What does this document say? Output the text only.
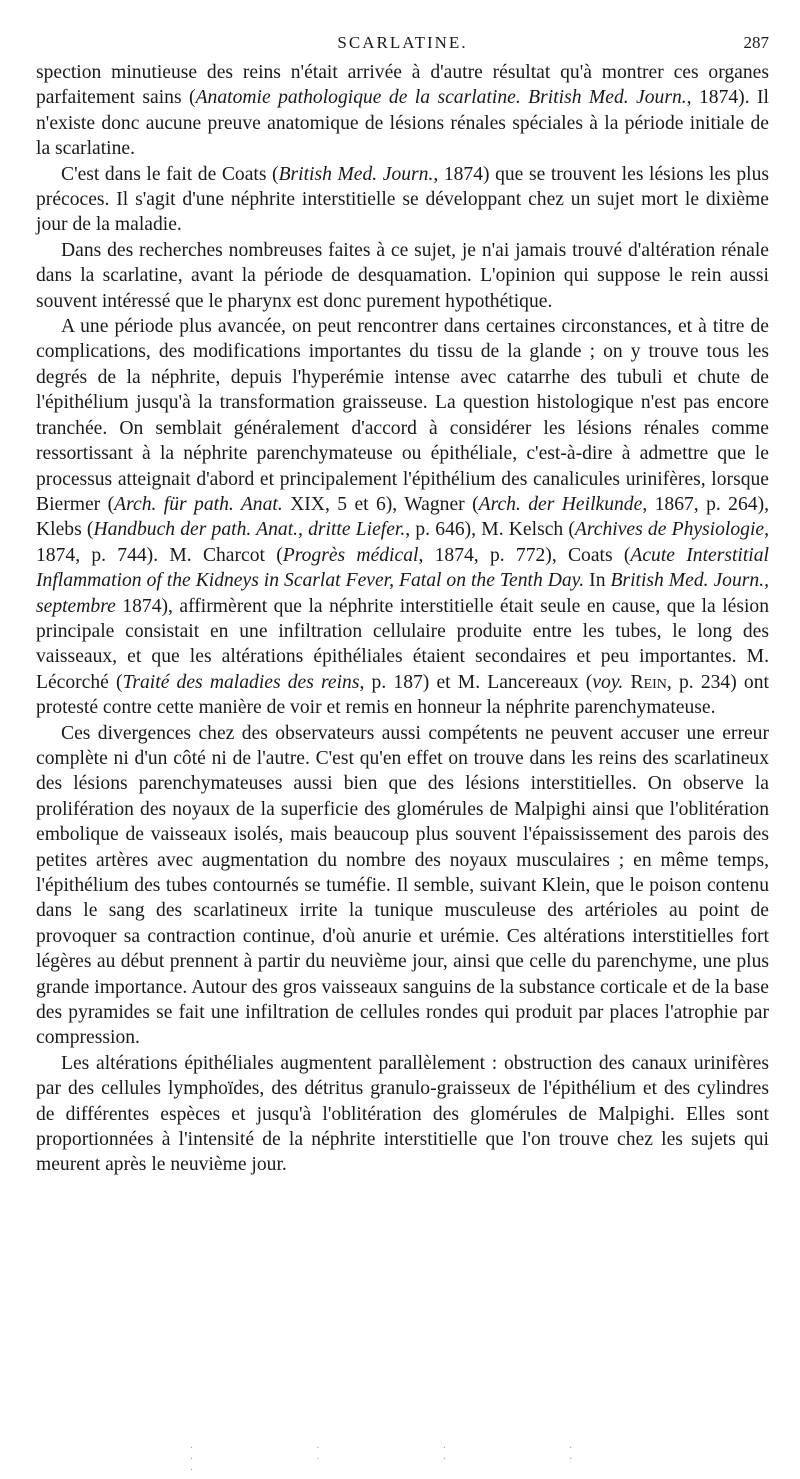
SCARLATINE.	287

spection minutieuse des reins n'était arrivée à d'autre résultat qu'à montrer ces organes parfaitement sains (Anatomie pathologique de la scarlatine. British Med. Journ., 1874). Il n'existe donc aucune preuve anatomique de lésions rénales spéciales à la période initiale de la scarlatine.

C'est dans le fait de Coats (British Med. Journ., 1874) que se trouvent les lésions les plus précoces. Il s'agit d'une néphrite interstitielle se développant chez un sujet mort le dixième jour de la maladie.

Dans des recherches nombreuses faites à ce sujet, je n'ai jamais trouvé d'altération rénale dans la scarlatine, avant la période de desquamation. L'opinion qui suppose le rein aussi souvent intéressé que le pharynx est donc purement hypothétique.

A une période plus avancée, on peut rencontrer dans certaines circonstances, et à titre de complications, des modifications importantes du tissu de la glande ; on y trouve tous les degrés de la néphrite, depuis l'hyperémie intense avec catarrhe des tubuli et chute de l'épithélium jusqu'à la transformation graisseuse. La question histologique n'est pas encore tranchée. On semblait généralement d'accord à considérer les lésions rénales comme ressortissant à la néphrite parenchymateuse ou épithéliale, c'est-à-dire à admettre que le processus atteignait d'abord et principalement l'épithélium des canalicules urinifères, lorsque Biermer (Arch. für path. Anat. XIX, 5 et 6), Wagner (Arch. der Heilkunde, 1867, p. 264), Klebs (Handbuch der path. Anat., dritte Liefer., p. 646), M. Kelsch (Archives de Physiologie, 1874, p. 744). M. Charcot (Progrès médical, 1874, p. 772), Coats (Acute Interstitial Inflammation of the Kidneys in Scarlat Fever, Fatal on the Tenth Day. In British Med. Journ., septembre 1874), affirmèrent que la néphrite interstitielle était seule en cause, que la lésion principale consistait en une infiltration cellulaire produite entre les tubes, le long des vaisseaux, et que les altérations épithéliales étaient secondaires et peu importantes. M. Lécorché (Traité des maladies des reins, p. 187) et M. Lancereaux (voy. Rein, p. 234) ont protesté contre cette manière de voir et remis en honneur la néphrite parenchymateuse.

Ces divergences chez des observateurs aussi compétents ne peuvent accuser une erreur complète ni d'un côté ni de l'autre. C'est qu'en effet on trouve dans les reins des scarlatineux des lésions parenchymateuses aussi bien que des lésions interstitielles. On observe la prolifération des noyaux de la superficie des glomérules de Malpighi ainsi que l'oblitération embolique de vaisseaux isolés, mais beaucoup plus souvent l'épaississement des parois des petites artères avec augmentation du nombre des noyaux musculaires ; en même temps, l'épithélium des tubes contournés se tuméfie. Il semble, suivant Klein, que le poison contenu dans le sang des scarlatineux irrite la tunique musculeuse des artérioles au point de provoquer sa contraction continue, d'où anurie et urémie. Ces altérations interstitielles fort légères au début prennent à partir du neuvième jour, ainsi que celle du parenchyme, une plus grande importance. Autour des gros vaisseaux sanguins de la substance corticale et de la base des pyramides se fait une infiltration de cellules rondes qui produit par places l'atrophie par compression.

Les altérations épithéliales augmentent parallèlement : obstruction des canaux urinifères par des cellules lymphoïdes, des détritus granulo-graisseux de l'épithélium et des cylindres de différentes espèces et jusqu'à l'oblitération des glomérules de Malpighi. Elles sont proportionnées à l'intensité de la néphrite interstitielle que l'on trouve chez les sujets qui meurent après le neuvième jour.

. . . . . . . . .
